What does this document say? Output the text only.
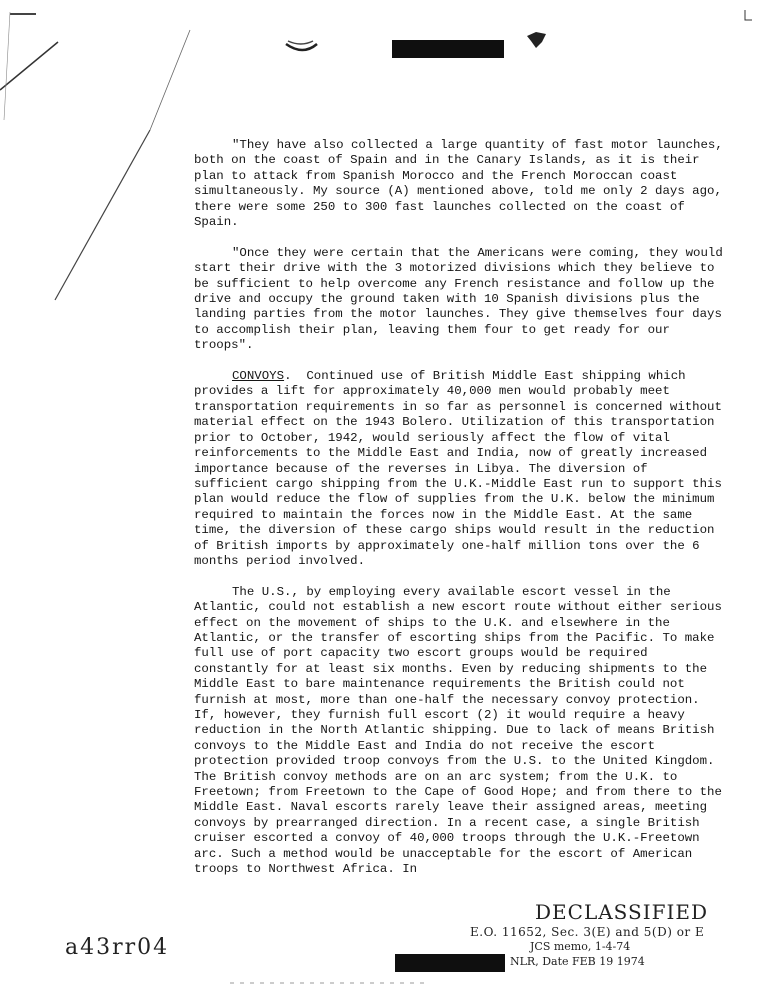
"They have also collected a large quantity of fast motor launches, both on the coast of Spain and in the Canary Islands, as it is their plan to attack from Spanish Morocco and the French Moroccan coast simultaneously. My source (A) mentioned above, told me only 2 days ago, there were some 250 to 300 fast launches collected on the coast of Spain.

"Once they were certain that the Americans were coming, they would start their drive with the 3 motorized divisions which they believe to be sufficient to help overcome any French resistance and follow up the drive and occupy the ground taken with 10 Spanish divisions plus the landing parties from the motor launches. They give themselves four days to accomplish their plan, leaving them four to get ready for our troops".

CONVOYS. Continued use of British Middle East shipping which provides a lift for approximately 40,000 men would probably meet transportation requirements in so far as personnel is concerned without material effect on the 1943 Bolero. Utilization of this transportation prior to October, 1942, would seriously affect the flow of vital reinforcements to the Middle East and India, now of greatly increased importance because of the reverses in Libya. The diversion of sufficient cargo shipping from the U.K.-Middle East run to support this plan would reduce the flow of supplies from the U.K. below the minimum required to maintain the forces now in the Middle East. At the same time, the diversion of these cargo ships would result in the reduction of British imports by approximately one-half million tons over the 6 months period involved.

The U.S., by employing every available escort vessel in the Atlantic, could not establish a new escort route without either serious effect on the movement of ships to the U.K. and elsewhere in the Atlantic, or the transfer of escorting ships from the Pacific. To make full use of port capacity two escort groups would be required constantly for at least six months. Even by reducing shipments to the Middle East to bare maintenance requirements the British could not furnish at most, more than one-half the necessary convoy protection. If, however, they furnish full escort (2) it would require a heavy reduction in the North Atlantic shipping. Due to lack of means British convoys to the Middle East and India do not receive the escort protection provided troop convoys from the U.S. to the United Kingdom. The British convoy methods are on an arc system; from the U.K. to Freetown; from Freetown to the Cape of Good Hope; and from there to the Middle East. Naval escorts rarely leave their assigned areas, meeting convoys by prearranged direction. In a recent case, a single British cruiser escorted a convoy of 40,000 troops through the U.K.-Freetown arc. Such a method would be unacceptable for the escort of American troops to Northwest Africa. In

a43rr04
DECLASSIFIED
E.O. 11652, Sec. 3(E) and 5(D) or E
JCS memo, 1-4-74
NLR, Date FEB 19 1974
